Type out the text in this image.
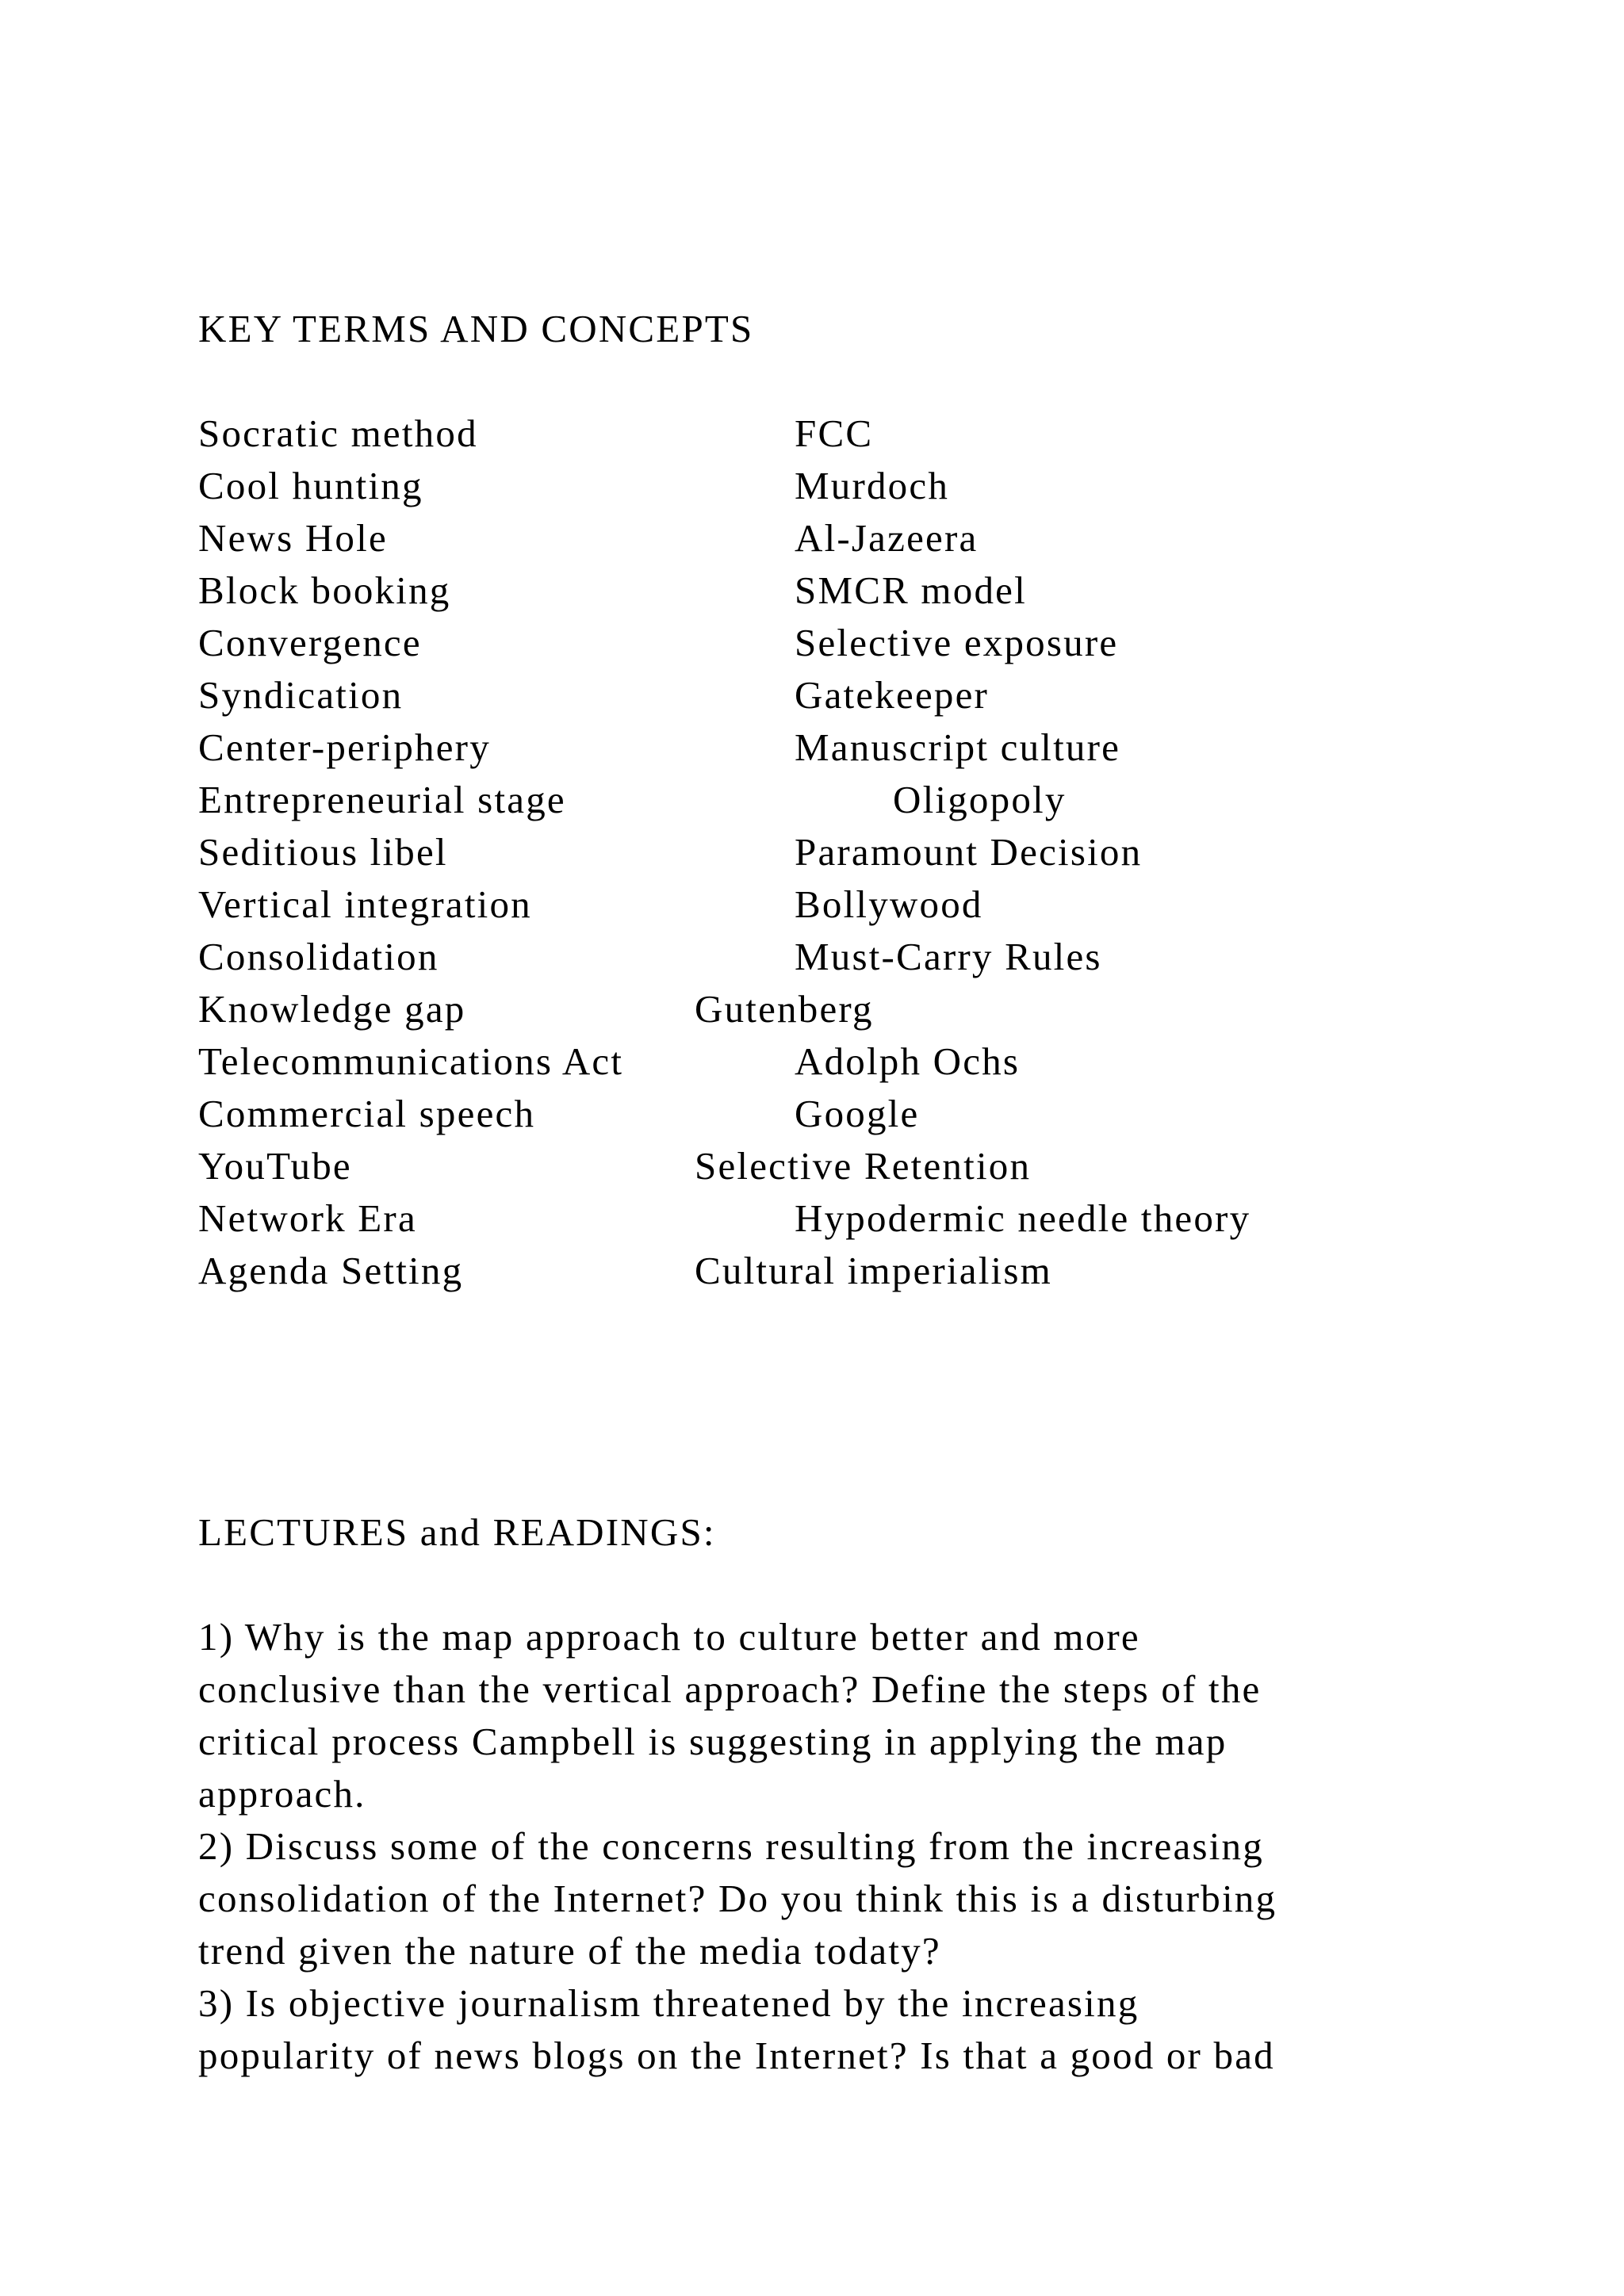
KEY TERMS AND CONCEPTS
Socratic method	FCC
Cool hunting	Murdoch
News Hole	Al-Jazeera
Block booking	SMCR model
Convergence	Selective exposure
Syndication	Gatekeeper
Center-periphery	Manuscript culture
Entrepreneurial stage	Oligopoly
Seditious libel	Paramount Decision
Vertical integration	Bollywood
Consolidation	Must-Carry Rules
Knowledge gap	Gutenberg
Telecommunications Act	Adolph Ochs
Commercial speech	Google
YouTube	Selective Retention
Network Era	Hypodermic needle theory
Agenda Setting	Cultural imperialism
LECTURES and READINGS:
1) Why is the map approach to culture better and more
conclusive than the vertical approach? Define the steps of the
critical process Campbell is suggesting in applying the map
approach.
2) Discuss some of the concerns resulting from the increasing
consolidation of the Internet? Do you think this is a disturbing
trend given the nature of the media todaty?
3) Is objective journalism threatened by the increasing
popularity of news blogs on the Internet? Is that a good or bad
